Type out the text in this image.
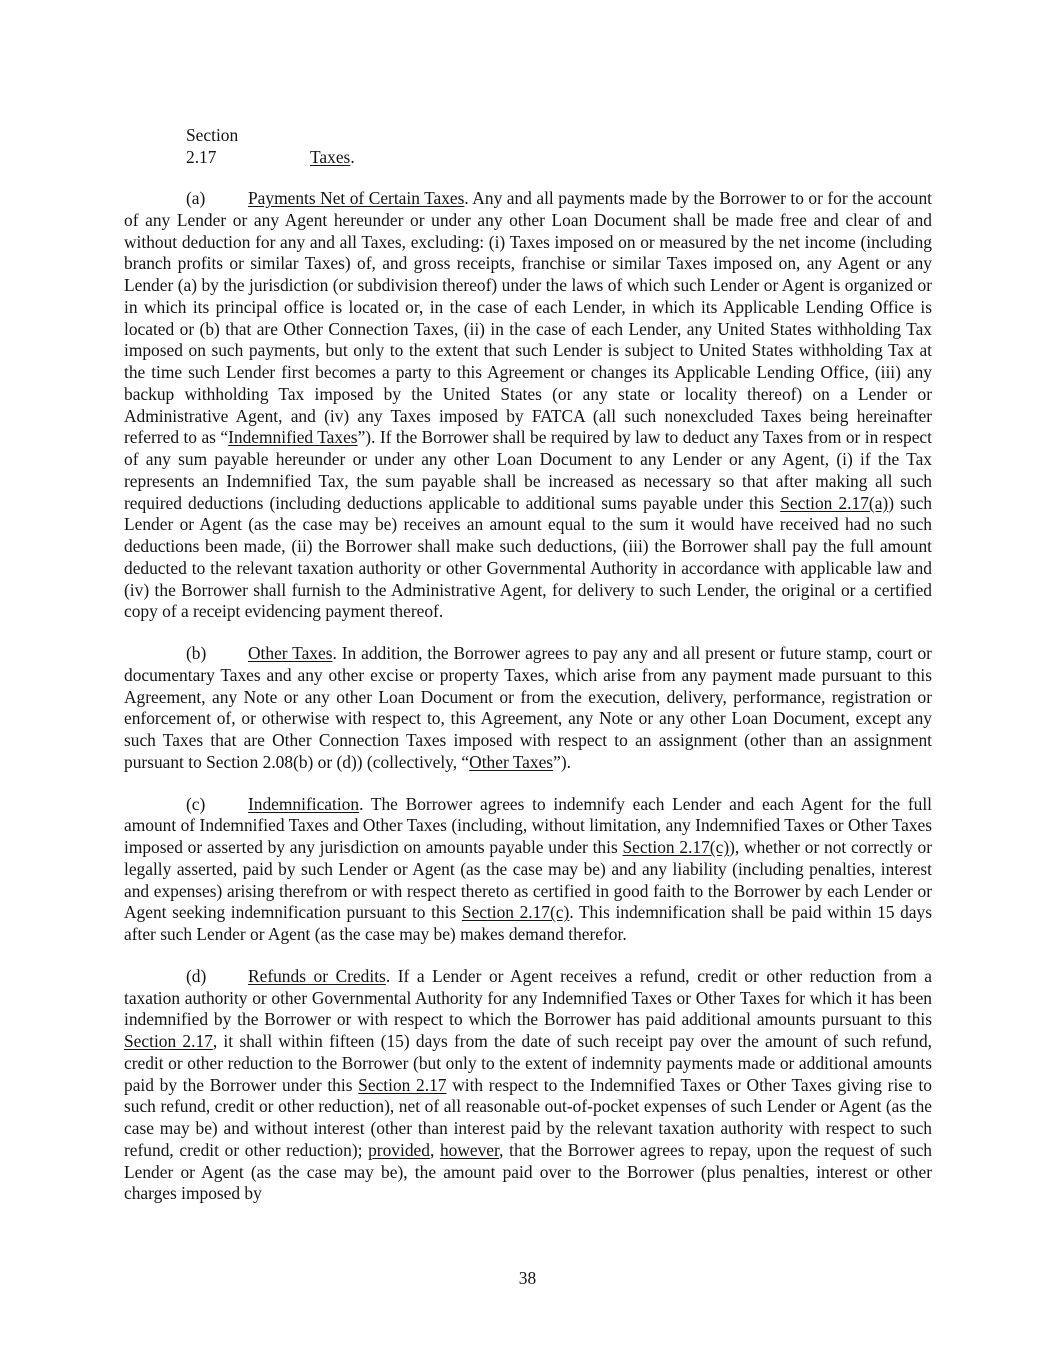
Section 2.17	Taxes.

(a) Payments Net of Certain Taxes. Any and all payments made by the Borrower to or for the account of any Lender or any Agent hereunder or under any other Loan Document shall be made free and clear of and without deduction for any and all Taxes, excluding: (i) Taxes imposed on or measured by the net income (including branch profits or similar Taxes) of, and gross receipts, franchise or similar Taxes imposed on, any Agent or any Lender (a) by the jurisdiction (or subdivision thereof) under the laws of which such Lender or Agent is organized or in which its principal office is located or, in the case of each Lender, in which its Applicable Lending Office is located or (b) that are Other Connection Taxes, (ii) in the case of each Lender, any United States withholding Tax imposed on such payments, but only to the extent that such Lender is subject to United States withholding Tax at the time such Lender first becomes a party to this Agreement or changes its Applicable Lending Office, (iii) any backup withholding Tax imposed by the United States (or any state or locality thereof) on a Lender or Administrative Agent, and (iv) any Taxes imposed by FATCA (all such nonexcluded Taxes being hereinafter referred to as “Indemnified Taxes”). If the Borrower shall be required by law to deduct any Taxes from or in respect of any sum payable hereunder or under any other Loan Document to any Lender or any Agent, (i) if the Tax represents an Indemnified Tax, the sum payable shall be increased as necessary so that after making all such required deductions (including deductions applicable to additional sums payable under this Section 2.17(a)) such Lender or Agent (as the case may be) receives an amount equal to the sum it would have received had no such deductions been made, (ii) the Borrower shall make such deductions, (iii) the Borrower shall pay the full amount deducted to the relevant taxation authority or other Governmental Authority in accordance with applicable law and (iv) the Borrower shall furnish to the Administrative Agent, for delivery to such Lender, the original or a certified copy of a receipt evidencing payment thereof.

(b) Other Taxes. In addition, the Borrower agrees to pay any and all present or future stamp, court or documentary Taxes and any other excise or property Taxes, which arise from any payment made pursuant to this Agreement, any Note or any other Loan Document or from the execution, delivery, performance, registration or enforcement of, or otherwise with respect to, this Agreement, any Note or any other Loan Document, except any such Taxes that are Other Connection Taxes imposed with respect to an assignment (other than an assignment pursuant to Section 2.08(b) or (d)) (collectively, “Other Taxes”).

(c) Indemnification. The Borrower agrees to indemnify each Lender and each Agent for the full amount of Indemnified Taxes and Other Taxes (including, without limitation, any Indemnified Taxes or Other Taxes imposed or asserted by any jurisdiction on amounts payable under this Section 2.17(c)), whether or not correctly or legally asserted, paid by such Lender or Agent (as the case may be) and any liability (including penalties, interest and expenses) arising therefrom or with respect thereto as certified in good faith to the Borrower by each Lender or Agent seeking indemnification pursuant to this Section 2.17(c). This indemnification shall be paid within 15 days after such Lender or Agent (as the case may be) makes demand therefor.

(d) Refunds or Credits. If a Lender or Agent receives a refund, credit or other reduction from a taxation authority or other Governmental Authority for any Indemnified Taxes or Other Taxes for which it has been indemnified by the Borrower or with respect to which the Borrower has paid additional amounts pursuant to this Section 2.17, it shall within fifteen (15) days from the date of such receipt pay over the amount of such refund, credit or other reduction to the Borrower (but only to the extent of indemnity payments made or additional amounts paid by the Borrower under this Section 2.17 with respect to the Indemnified Taxes or Other Taxes giving rise to such refund, credit or other reduction), net of all reasonable out-of-pocket expenses of such Lender or Agent (as the case may be) and without interest (other than interest paid by the relevant taxation authority with respect to such refund, credit or other reduction); provided, however, that the Borrower agrees to repay, upon the request of such Lender or Agent (as the case may be), the amount paid over to the Borrower (plus penalties, interest or other charges imposed by

38
